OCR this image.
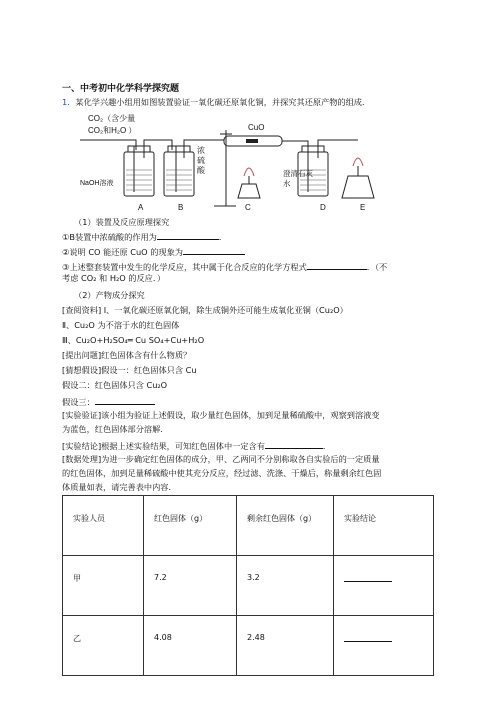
一、中考初中化学科学探究题
1．某化学兴趣小组用如图装置验证一氧化碳还原氧化铜，并探究其还原产物的组成．
CO₂（含少量
CO₂和H₂O ）
NaOH溶液
浓硫酸
CuO
澄清石灰水
A	B	C	D	E
（1）装置及反应原理探究
①B装置中浓硫酸的作用为	．
②说明 CO 能还原 CuO 的现象为
③上述整套装置中发生的化学反应，其中属于化合反应的化学方程式	．（不
考虑 CO₂ 和 H₂O 的反应．）
（2）产物成分探究
[查阅资料] Ⅰ、一氧化碳还原氧化铜，除生成铜外还可能生成氧化亚铜（Cu₂O）
Ⅱ、Cu₂O 为不溶于水的红色固体
Ⅲ、Cu₂O+H₂SO₄═ Cu SO₄+Cu+H₂O
[提出问题]红色固体含有什么物质？
[猜想假设]假设一：红色固体只含 Cu
假设二：红色固体只含 Cu₂O
假设三：
[实验验证]该小组为验证上述假设，取少量红色固体，加到足量稀硫酸中，观察到溶液变
为蓝色，红色固体部分溶解．
[实验结论]根据上述实验结果，可知红色固体中一定含有	．
[数据处理]为进一步确定红色固体的成分，甲、乙两同不分别称取各自实验后的一定质量
的红色固体，加到足量稀硫酸中使其充分反应，经过滤、洗涤、干燥后，称量剩余红色固
体质量如表，请完善表中内容．
实验人员	红色固体（g）	剩余红色固体（g）	实验结论
甲	7.2	3.2	
乙	4.08	2.48	
